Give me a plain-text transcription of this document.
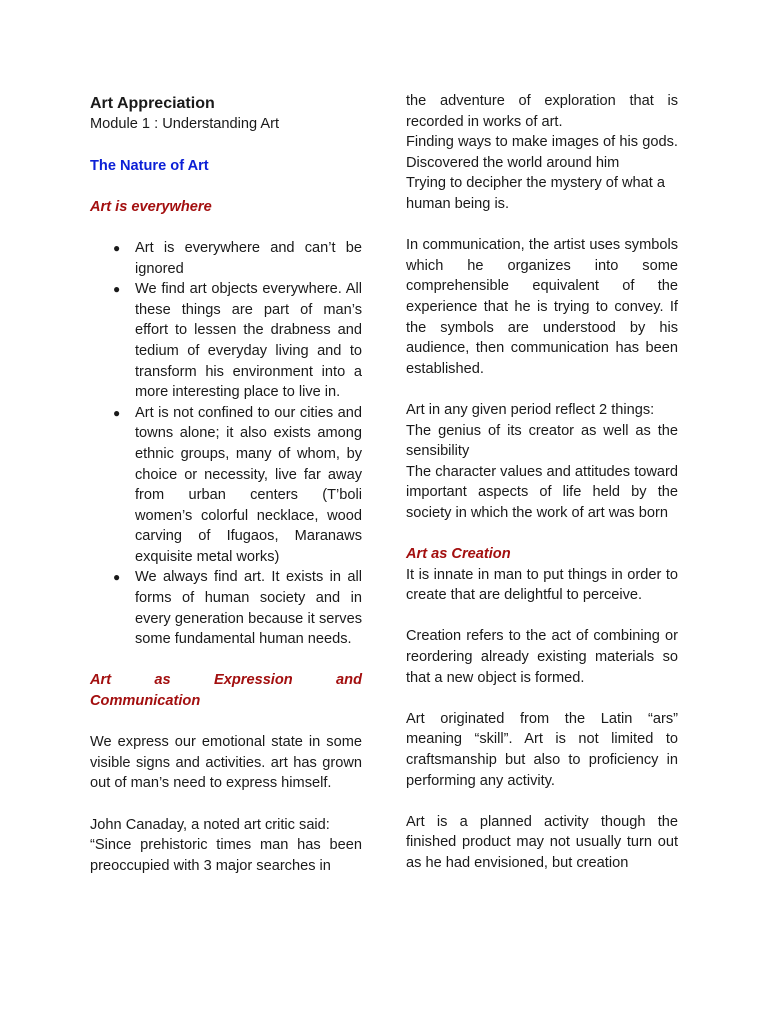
Art Appreciation

Module 1 : Understanding Art

The Nature of Art

Art is everywhere

● Art is everywhere and can’t be ignored
● We find art objects everywhere. All these things are part of man’s effort to lessen the drabness and tedium of everyday living and to transform his environment into a more interesting place to live in.
● Art is not confined to our cities and towns alone; it also exists among ethnic groups, many of whom, by choice or necessity, live far away from urban centers (T’boli women’s colorful necklace, wood carving of Ifugaos, Maranaws exquisite metal works)
● We always find art. It exists in all forms of human society and in every generation because it serves some fundamental human needs.

Art as Expression and

Communication

We express our emotional state in some visible signs and activities. art has grown out of man’s need to express himself.

John Canaday, a noted art critic said:

“Since prehistoric times man has been preoccupied with 3 major searches in

the adventure of exploration that is recorded in works of art.

Finding ways to make images of his gods. Discovered the world around him

Trying to decipher the mystery of what a human being is.

In communication, the artist uses symbols which he organizes into some comprehensible equivalent of the experience that he is trying to convey. If the symbols are understood by his audience, then communication has been established.

Art in any given period reflect 2 things:

The genius of its creator as well as the sensibility

The character values and attitudes toward important aspects of life held by the society in which the work of art was born

Art as Creation

It is innate in man to put things in order to create that are delightful to perceive.

Creation refers to the act of combining or reordering already existing materials so that a new object is formed.

Art originated from the Latin “ars” meaning “skill”. Art is not limited to craftsmanship but also to proficiency in performing any activity.

Art is a planned activity though the finished product may not usually turn out as he had envisioned, but creation
